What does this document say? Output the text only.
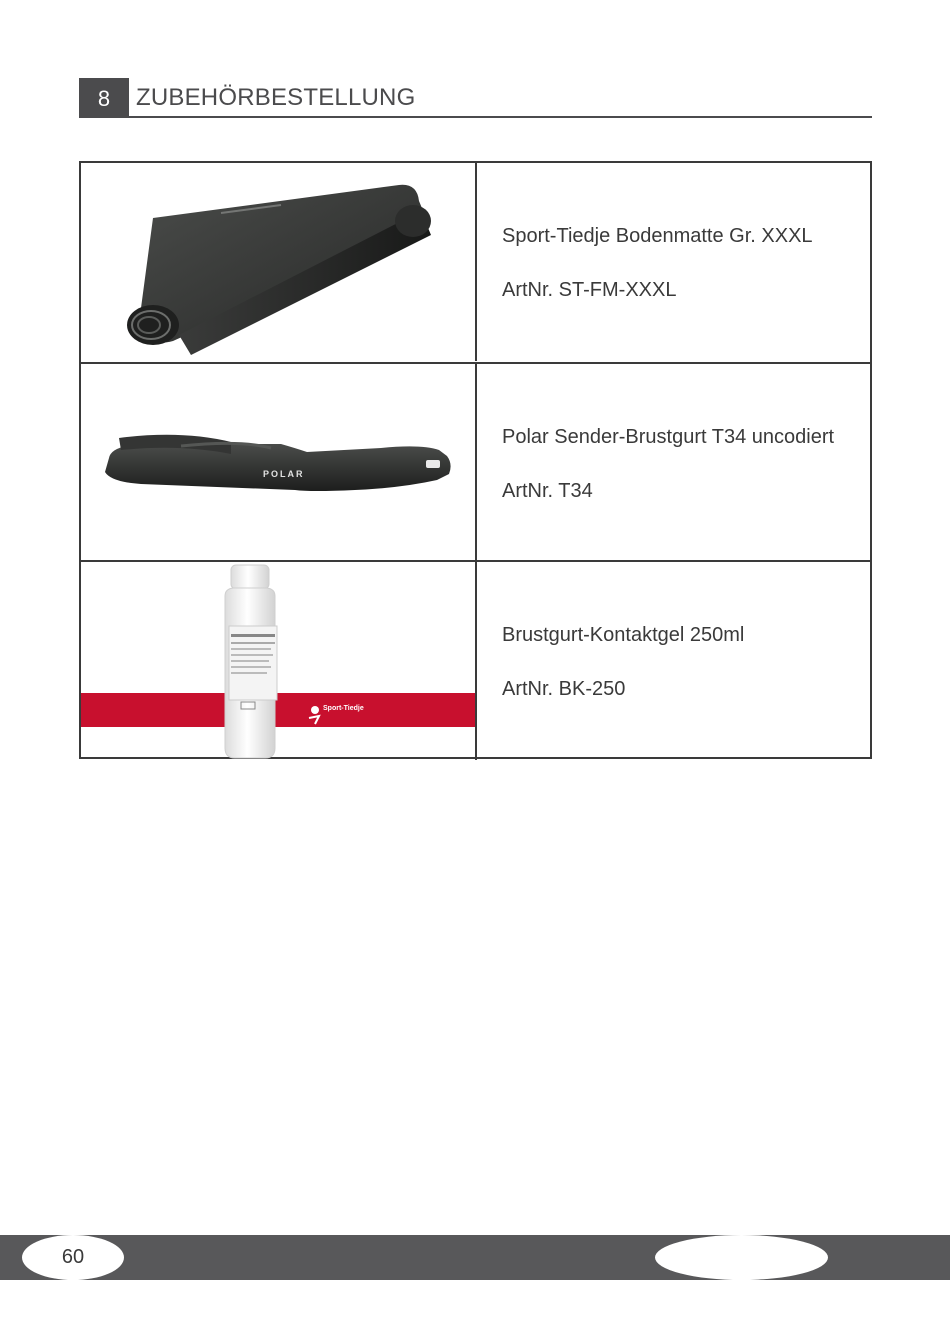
8	ZUBEHÖRBESTELLUNG
Sport-Tiedje Bodenmatte Gr. XXXL
ArtNr. ST-FM-XXXL
POLAR
Polar Sender-Brustgurt T34 uncodiert
ArtNr. T34
Sport-Tiedje
Brustgurt-Kontaktgel 250ml
ArtNr. BK-250
60
